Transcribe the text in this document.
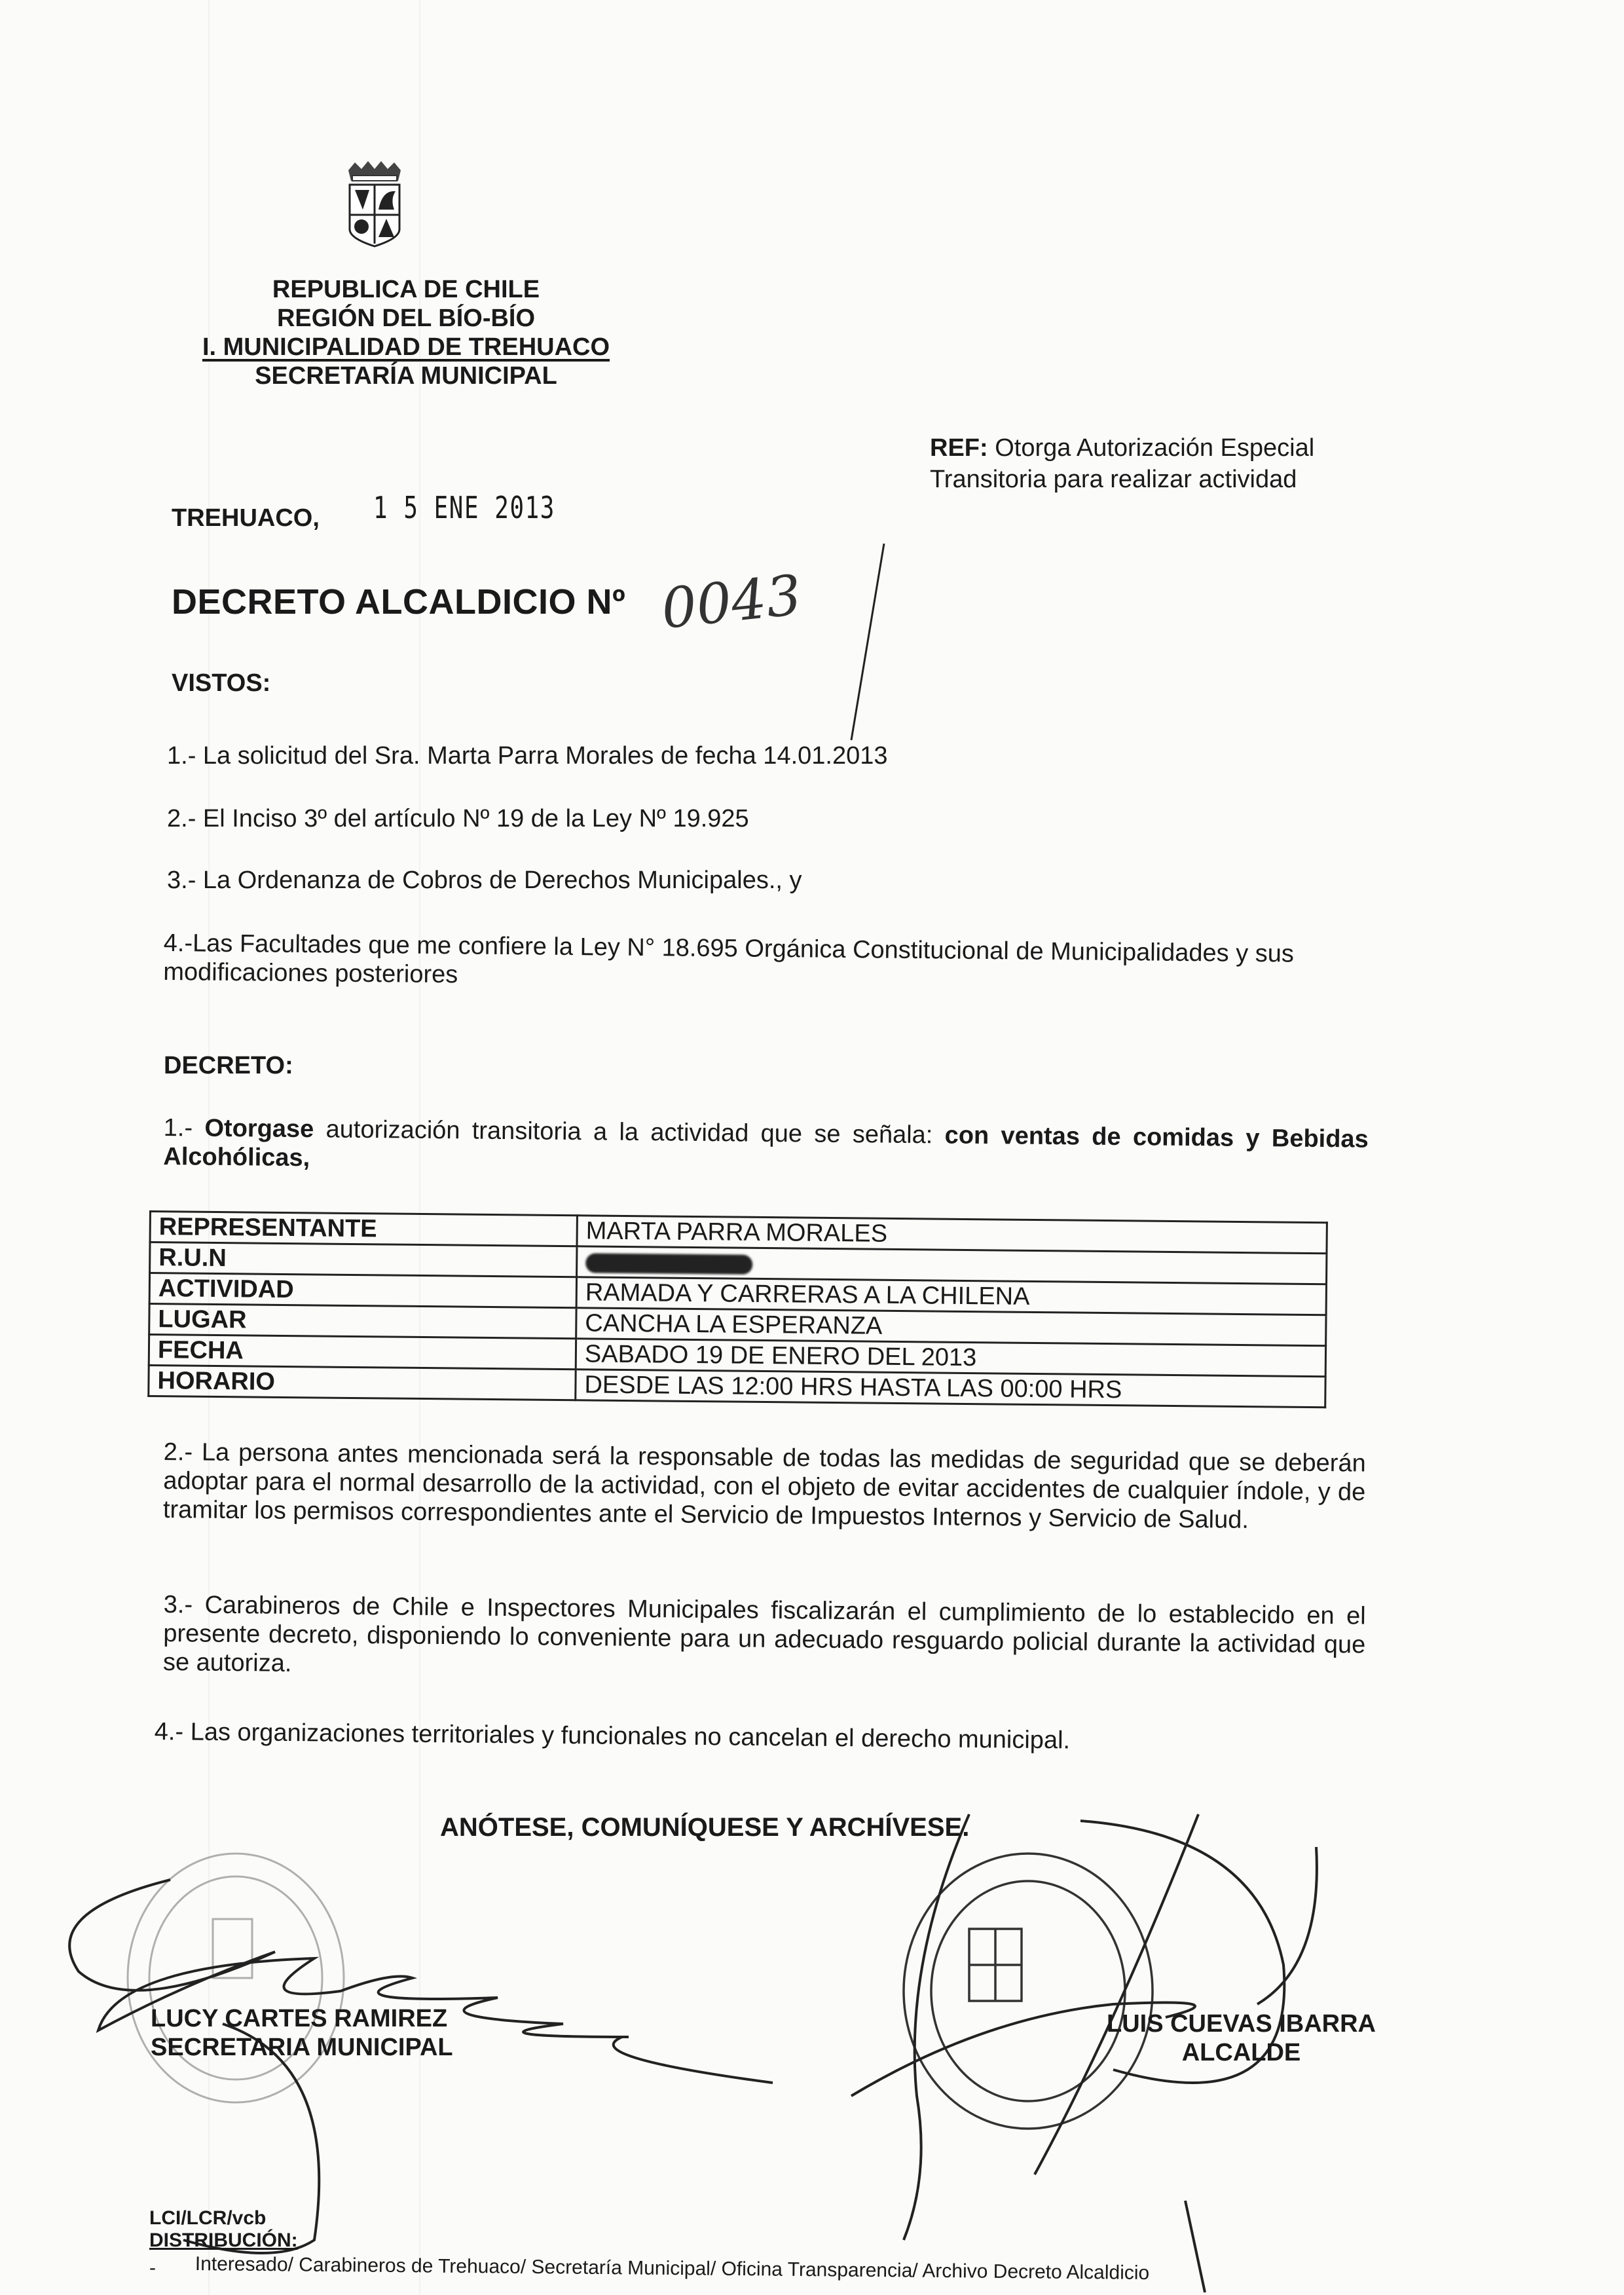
REPUBLICA DE CHILE
REGIÓN DEL BÍO-BÍO
I. MUNICIPALIDAD DE TREHUACO
SECRETARÍA MUNICIPAL
REF: Otorga Autorización Especial
Transitoria para realizar actividad
TREHUACO, 1 5 ENE 2013
DECRETO ALCALDICIO Nº 0043
VISTOS:
1.- La solicitud del Sra. Marta Parra Morales de fecha 14.01.2013
2.- El Inciso 3º del artículo Nº 19 de la Ley Nº 19.925
3.- La Ordenanza de Cobros de Derechos Municipales., y
4.-Las Facultades que me confiere la Ley N° 18.695 Orgánica Constitucional de Municipalidades y sus modificaciones posteriores
DECRETO:
1.- Otorgase autorización transitoria a la actividad que se señala: con ventas de comidas y Bebidas Alcohólicas,
REPRESENTANTE	MARTA PARRA MORALES
R.U.N	
ACTIVIDAD	RAMADA Y CARRERAS A LA CHILENA
LUGAR	CANCHA LA ESPERANZA
FECHA	SABADO 19 DE ENERO DEL 2013
HORARIO	DESDE LAS 12:00 HRS HASTA LAS 00:00 HRS
2.- La persona antes mencionada será la responsable de todas las medidas de seguridad que se deberán adoptar para el normal desarrollo de la actividad, con el objeto de evitar accidentes de cualquier índole, y de tramitar los permisos correspondientes ante el Servicio de Impuestos Internos y Servicio de Salud.
3.- Carabineros de Chile e Inspectores Municipales fiscalizarán el cumplimiento de lo establecido en el presente decreto, disponiendo lo conveniente para un adecuado resguardo policial durante la actividad que se autoriza.
4.- Las organizaciones territoriales y funcionales no cancelan el derecho municipal.
ANÓTESE, COMUNÍQUESE Y ARCHÍVESE.
LUCY CARTES RAMIREZ
SECRETARIA MUNICIPAL
LUIS CUEVAS IBARRA
ALCALDE
LCI/LCR/vcb
DISTRIBUCIÓN:
- Interesado/ Carabineros de Trehuaco/ Secretaría Municipal/ Oficina Transparencia/ Archivo Decreto Alcaldicio
